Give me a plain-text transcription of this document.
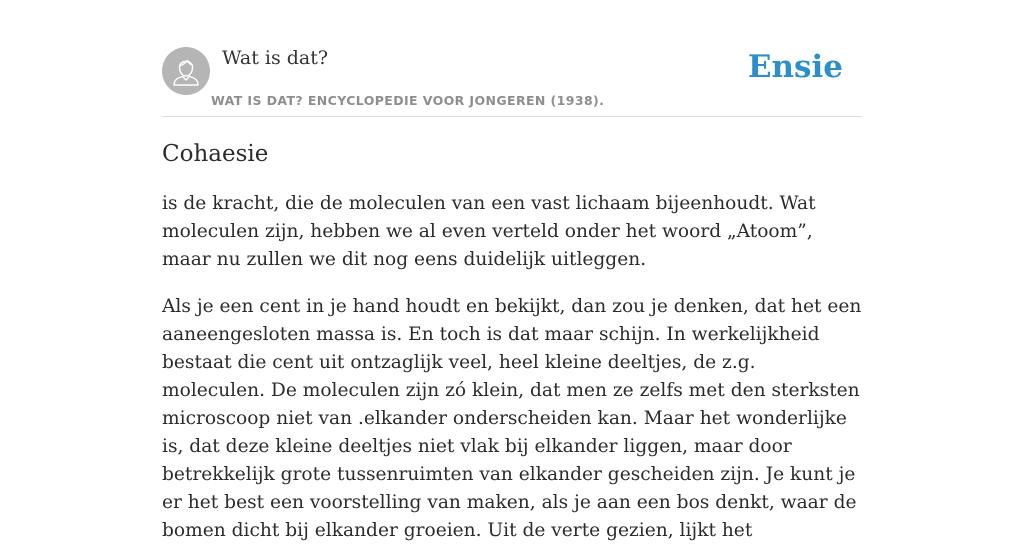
Wat is dat?
WAT IS DAT? ENCYCLOPEDIE VOOR JONGEREN (1938).
Ensie
Cohaesie

is de kracht, die de moleculen van een vast lichaam bijeenhoudt. Wat moleculen zijn, hebben we al even verteld onder het woord „Atoom”, maar nu zullen we dit nog eens duidelijk uitleggen.

Als je een cent in je hand houdt en bekijkt, dan zou je denken, dat het een aaneengesloten massa is. En toch is dat maar schijn. In werkelijkheid bestaat die cent uit ontzaglijk veel, heel kleine deeltjes, de z.g. moleculen. De moleculen zijn zó klein, dat men ze zelfs met den sterksten microscoop niet van .elkander onderscheiden kan. Maar het wonderlijke is, dat deze kleine deeltjes niet vlak bij elkander liggen, maar door betrekkelijk grote tussenruimten van elkander gescheiden zijn. Je kunt je er het best een voorstelling van maken, als je aan een bos denkt, waar de bomen dicht bij elkander groeien. Uit de verte gezien, lijkt het
